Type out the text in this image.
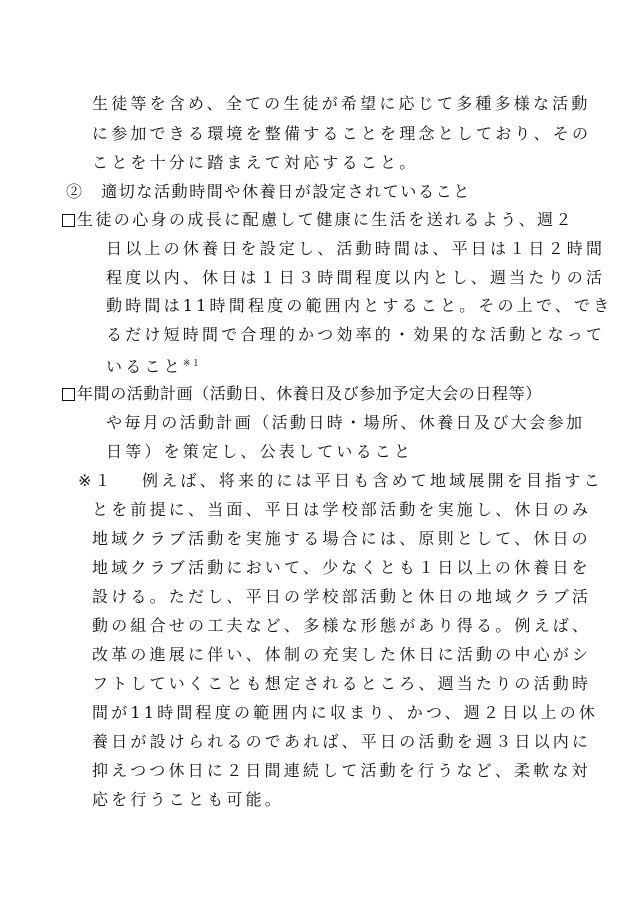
生徒等を含め、全ての生徒が希望に応じて多種多様な活動
に参加できる環境を整備することを理念としており、その
ことを十分に踏まえて対応すること。
②　適切な活動時間や休養日が設定されていること
生徒の心身の成長に配慮して健康に生活を送れるよう、週２
日以上の休養日を設定し、活動時間は、平日は１日２時間
程度以内、休日は１日３時間程度以内とし、週当たりの活
動時間は11時間程度の範囲内とすること。その上で、でき
るだけ短時間で合理的かつ効率的・効果的な活動となって
いること$^{※1}$
年間の活動計画（活動日、休養日及び参加予定大会の日程等）
や毎月の活動計画（活動日時・場所、休養日及び大会参加
日等）を策定し、公表していること
※１ 例えば、将来的には平日も含めて地域展開を目指すこ
とを前提に、当面、平日は学校部活動を実施し、休日のみ
地域クラブ活動を実施する場合には、原則として、休日の
地域クラブ活動において、少なくとも１日以上の休養日を
設ける。ただし、平日の学校部活動と休日の地域クラブ活
動の組合せの工夫など、多様な形態があり得る。例えば、
改革の進展に伴い、体制の充実した休日に活動の中心がシ
フトしていくことも想定されるところ、週当たりの活動時
間が11時間程度の範囲内に収まり、かつ、週２日以上の休
養日が設けられるのであれば、平日の活動を週３日以内に
抑えつつ休日に２日間連続して活動を行うなど、柔軟な対
応を行うことも可能。
